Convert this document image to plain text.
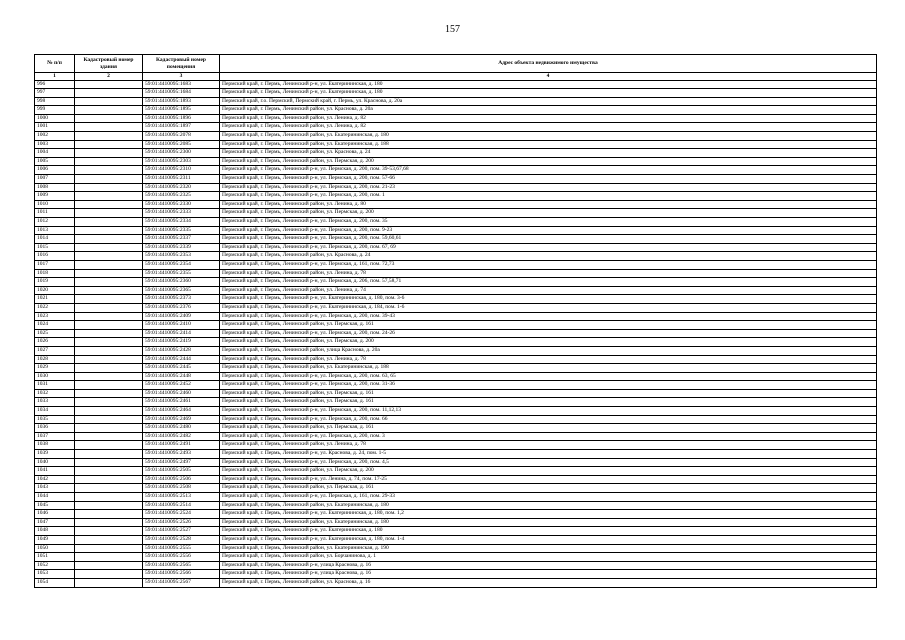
157
№ п/п	Кадастровый номер здания	Кадастровый номер помещения	Адрес объекта недвижимого имущества
1	2	3	4
996		59:01:4410095:1683	Пермский край, г. Пермь, Ленинский р-н, ул. Екатерининская, д. 180
997		59:01:4410095:1684	Пермский край, г. Пермь, Ленинский р-н, ул. Екатерининская, д. 180
998		59:01:4410095:1893	Пермский край, г.о. Пермский, Пермский край, г. Пермь, ул. Краснова, д. 20а
999		59:01:4410095:1895	Пермский край, г. Пермь, Ленинский район, ул. Краснова, д. 20а
1000		59:01:4410095:1896	Пермский край, г. Пермь, Ленинский район, ул. Ленина, д. 82
1001		59:01:4410095:1897	Пермский край, г. Пермь, Ленинский район, ул. Ленина, д. 82
1002		59:01:4410095:2078	Пермский край, г. Пермь, Ленинский район, ул. Екатерининская, д. 180
1003		59:01:4410095:2085	Пермский край, г. Пермь, Ленинский район, ул. Екатерининская, д. 188
1004		59:01:4410095:2300	Пермский край, г. Пермь, Ленинский район, ул. Краснова, д. 24
1005		59:01:4410095:2303	Пермский край, г. Пермь, Ленинский район, ул. Пермская, д. 200
1006		59:01:4410095:2310	Пермский край, г. Пермь, Ленинский р-н, ул. Пермская, д. 200, пом. 39-53,67,68
1007		59:01:4410095:2311	Пермский край, г. Пермь, Ленинский р-н, ул. Пермская, д. 200, пом. 57-66
1008		59:01:4410095:2320	Пермский край, г. Пермь, Ленинский р-н, ул. Пермская, д. 200, пом. 21-23
1009		59:01:4410095:2325	Пермский край, г. Пермь, Ленинский р-н, ул. Пермская, д. 200, пом. 1
1010		59:01:4410095:2330	Пермский край, г. Пермь, Ленинский район, ул. Ленина, д. 80
1011		59:01:4410095:2333	Пермский край, г. Пермь, Ленинский район, ул. Пермская, д. 200
1012		59:01:4410095:2334	Пермский край, г. Пермь, Ленинский р-н, ул. Пермская, д. 200, пом. 35
1013		59:01:4410095:2335	Пермский край, г. Пермь, Ленинский р-н, ул. Пермская, д. 200, пом. 9-23
1014		59:01:4410095:2337	Пермский край, г. Пермь, Ленинский р-н, ул. Пермская, д. 200, пом. 59,60,61
1015		59:01:4410095:2339	Пермский край, г. Пермь, Ленинский р-н, ул. Пермская, д. 200, пом. 67, 69
1016		59:01:4410095:2353	Пермский край, г. Пермь, Ленинский район, ул. Краснова, д. 24
1017		59:01:4410095:2354	Пермский край, г. Пермь, Ленинский р-н, ул. Пермская, д. 161, пом. 72,73
1018		59:01:4410095:2355	Пермский край, г. Пермь, Ленинский район, ул. Ленина, д. 78
1019		59:01:4410095:2360	Пермский край, г. Пермь, Ленинский р-н, ул. Пермская, д. 206, пом. 57,58,71
1020		59:01:4410095:2365	Пермский край, г. Пермь, Ленинский район, ул. Ленина, д. 74
1021		59:01:4410095:2373	Пермский край, г. Пермь, Ленинский р-н, ул. Екатерининская, д. 180, пом. 3-6
1022		59:01:4410095:2376	Пермский край, г. Пермь, Ленинский р-н, ул. Екатерининская, д. 184, пом. 1-6
1023		59:01:4410095:2409	Пермский край, г. Пермь, Ленинский р-н, ул. Пермская, д. 200, пом. 39-43
1024		59:01:4410095:2410	Пермский край, г. Пермь, Ленинский район, ул. Пермская, д. 161
1025		59:01:4410095:2414	Пермский край, г. Пермь, Ленинский р-н, ул. Пермская, д. 200, пом. 24-26
1026		59:01:4410095:2419	Пермский край, г. Пермь, Ленинский район, ул. Пермская, д. 200
1027		59:01:4410095:2428	Пермский край, г. Пермь, Ленинский район, улица Краснова, д. 20а
1028		59:01:4410095:2444	Пермский край, г. Пермь, Ленинский район, ул. Ленина, д. 78
1029		59:01:4410095:2445	Пермский край, г. Пермь, Ленинский район, ул. Екатерининская, д. 188
1030		59:01:4410095:2448	Пермский край, г. Пермь, Ленинский р-н, ул. Пермская, д. 200, пом. 63, 65
1031		59:01:4410095:2452	Пермский край, г. Пермь, Ленинский р-н, ул. Пермская, д. 200, пом. 31-36
1032		59:01:4410095:2460	Пермский край, г. Пермь, Ленинский район, ул. Пермская, д. 161
1033		59:01:4410095:2461	Пермский край, г. Пермь, Ленинский район, ул. Пермская, д. 161
1034		59:01:4410095:2464	Пермский край, г. Пермь, Ленинский р-н, ул. Пермская, д. 200, пом. 11,12,13
1035		59:01:4410095:2469	Пермский край, г. Пермь, Ленинский р-н, ул. Пермская, д. 200, пом. 66
1036		59:01:4410095:2480	Пермский край, г. Пермь, Ленинский район, ул. Пермская, д. 161
1037		59:01:4410095:2482	Пермский край, г. Пермь, Ленинский р-н, ул. Пермская, д. 200, пом. 3
1038		59:01:4410095:2491	Пермский край, г. Пермь, Ленинский район, ул. Ленина, д. 78
1039		59:01:4410095:2493	Пермский край, г. Пермь, Ленинский р-н, ул. Краснова, д. 24, пом. 1-5
1040		59:01:4410095:2497	Пермский край, г. Пермь, Ленинский р-н, ул. Пермская, д. 200, пом. 4,5
1041		59:01:4410095:2505	Пермский край, г. Пермь, Ленинский район, ул. Пермская, д. 200
1042		59:01:4410095:2506	Пермский край, г. Пермь, Ленинский р-н, ул. Ленина, д. 74, пом. 17-25
1043		59:01:4410095:2508	Пермский край, г. Пермь, Ленинский район, ул. Пермская, д. 161
1044		59:01:4410095:2513	Пермский край, г. Пермь, Ленинский р-н, ул. Пермская, д. 161, пом. 29-33
1045		59:01:4410095:2514	Пермский край, г. Пермь, Ленинский район, ул. Екатерининская, д. 180
1046		59:01:4410095:2524	Пермский край, г. Пермь, Ленинский р-н, ул. Екатерининская, д. 180, пом. 1,2
1047		59:01:4410095:2526	Пермский край, г. Пермь, Ленинский район, ул. Екатерининская, д. 180
1048		59:01:4410095:2527	Пермский край, г. Пермь, Ленинский р-н, ул. Екатерининская, д. 180
1049		59:01:4410095:2528	Пермский край, г. Пермь, Ленинский р-н, ул. Екатерининская, д. 180, пом. 1-4
1050		59:01:4410095:2555	Пермский край, г. Пермь, Ленинский район, ул. Екатерининская, д. 190
1051		59:01:4410095:2556	Пермский край, г. Пермь, Ленинский район, ул. Борчанинова, д. 1
1052		59:01:4410095:2565	Пермский край, г. Пермь, Ленинский р-н, улица Краснова, д. 16
1053		59:01:4410095:2566	Пермский край, г. Пермь, Ленинский р-н, улица Краснова, д. 16
1054		59:01:4410095:2567	Пермский край, г. Пермь, Ленинский район, ул. Краснова, д. 16
